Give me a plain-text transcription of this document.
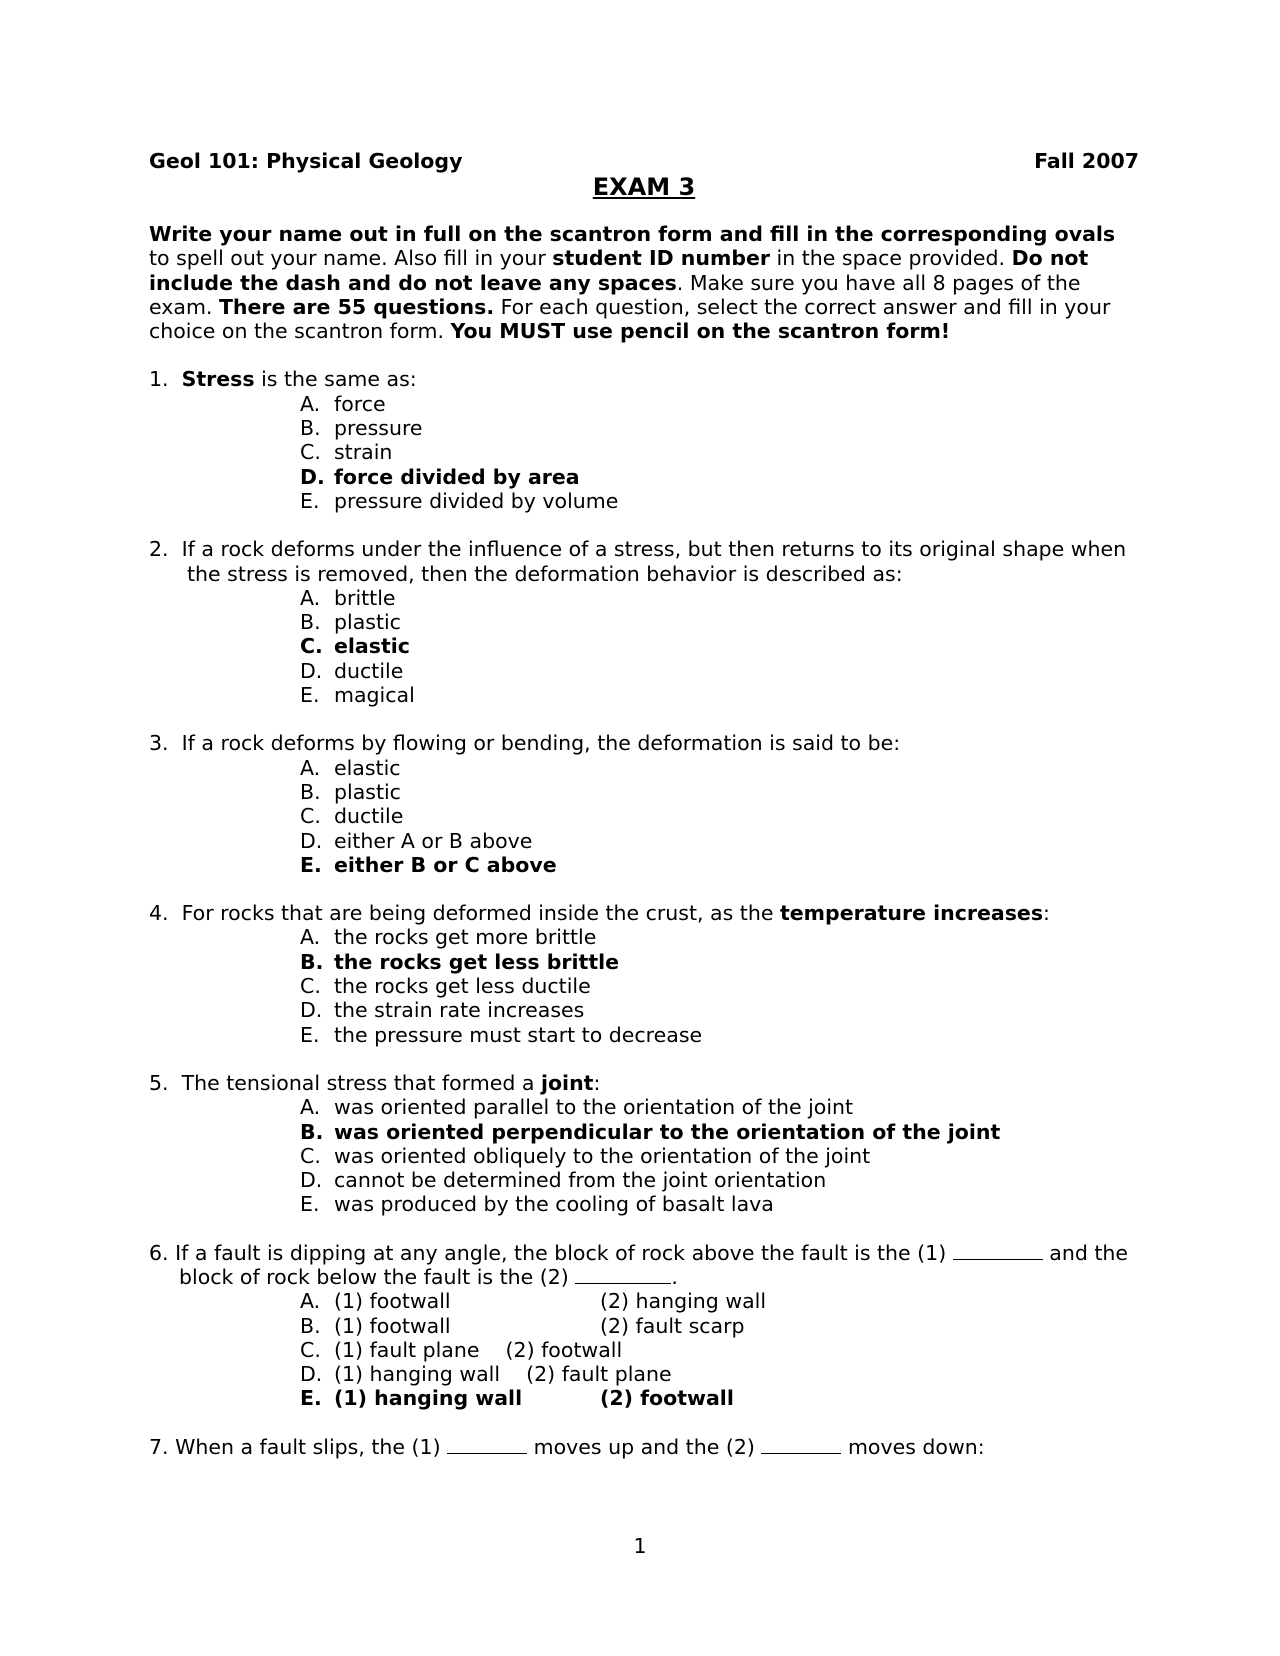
Geol 101: Physical Geology	Fall 2007
EXAM 3
Write your name out in full on the scantron form and fill in the corresponding ovals to spell out your name. Also fill in your student ID number in the space provided. Do not include the dash and do not leave any spaces. Make sure you have all 8 pages of the exam. There are 55 questions. For each question, select the correct answer and fill in your choice on the scantron form. You MUST use pencil on the scantron form!
1. Stress is the same as:
A. force
B. pressure
C. strain
D. force divided by area
E. pressure divided by volume
2. If a rock deforms under the influence of a stress, but then returns to its original shape when the stress is removed, then the deformation behavior is described as:
A. brittle
B. plastic
C. elastic
D. ductile
E. magical
3. If a rock deforms by flowing or bending, the deformation is said to be:
A. elastic
B. plastic
C. ductile
D. either A or B above
E. either B or C above
4. For rocks that are being deformed inside the crust, as the temperature increases:
A. the rocks get more brittle
B. the rocks get less brittle
C. the rocks get less ductile
D. the strain rate increases
E. the pressure must start to decrease
5. The tensional stress that formed a joint:
A. was oriented parallel to the orientation of the joint
B. was oriented perpendicular to the orientation of the joint
C. was oriented obliquely to the orientation of the joint
D. cannot be determined from the joint orientation
E. was produced by the cooling of basalt lava
6. If a fault is dipping at any angle, the block of rock above the fault is the (1)	and the block of rock below the fault is the (2)	.
A. (1) footwall	(2) hanging wall
B. (1) footwall	(2) fault scarp
C. (1) fault plane (2) footwall
D. (1) hanging wall (2) fault plane
E. (1) hanging wall	(2) footwall
7. When a fault slips, the (1)	moves up and the (2)	moves down:
1
